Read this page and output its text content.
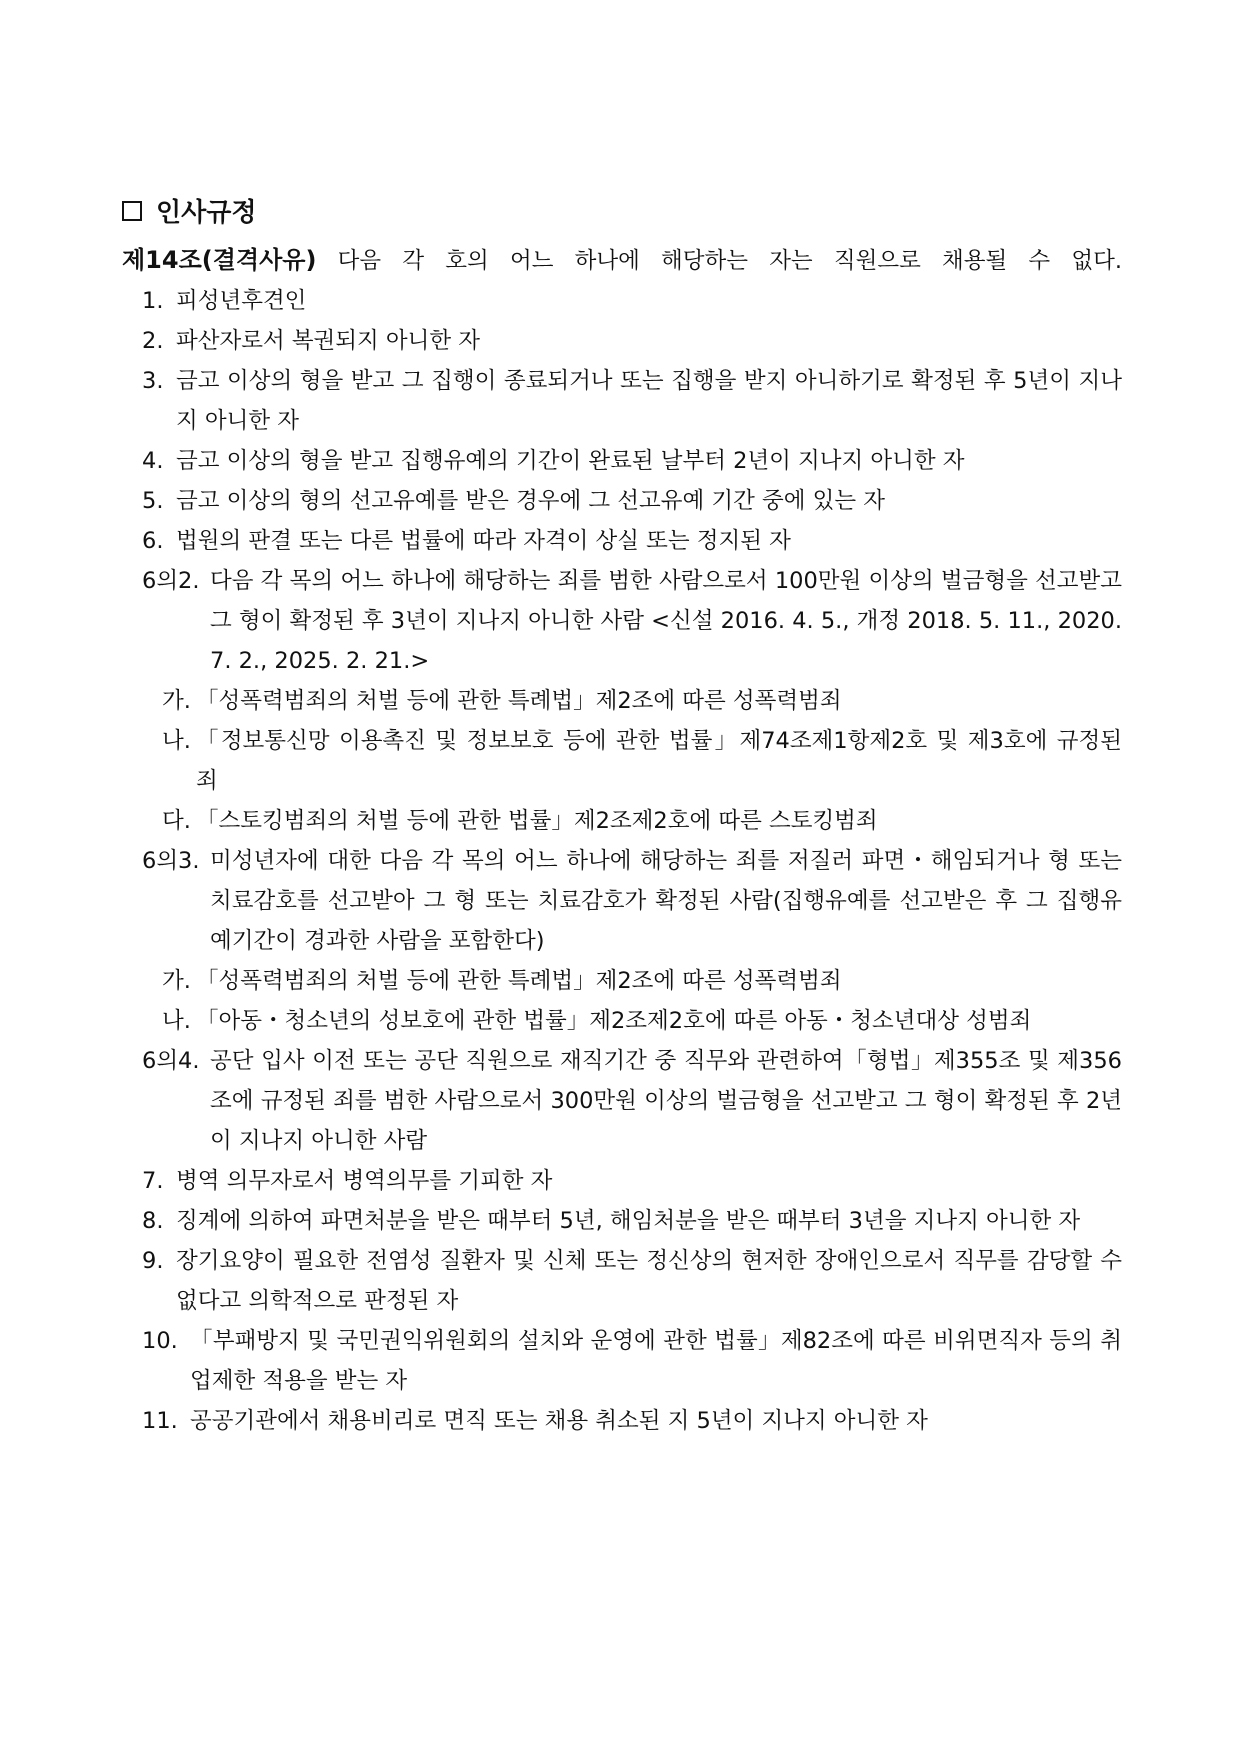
인사규정
제14조(결격사유) 다음 각 호의 어느 하나에 해당하는 자는 직원으로 채용될 수 없다.
1. 피성년후견인
2. 파산자로서 복권되지 아니한 자
3. 금고 이상의 형을 받고 그 집행이 종료되거나 또는 집행을 받지 아니하기로 확정된 후 5년이 지나지 아니한 자
4. 금고 이상의 형을 받고 집행유예의 기간이 완료된 날부터 2년이 지나지 아니한 자
5. 금고 이상의 형의 선고유예를 받은 경우에 그 선고유예 기간 중에 있는 자
6. 법원의 판결 또는 다른 법률에 따라 자격이 상실 또는 정지된 자
6의2. 다음 각 목의 어느 하나에 해당하는 죄를 범한 사람으로서 100만원 이상의 벌금형을 선고받고 그 형이 확정된 후 3년이 지나지 아니한 사람 <신설 2016. 4. 5., 개정 2018. 5. 11., 2020. 7. 2., 2025. 2. 21.>
가. 「성폭력범죄의 처벌 등에 관한 특례법」제2조에 따른 성폭력범죄
나. 「정보통신망 이용촉진 및 정보보호 등에 관한 법률」제74조제1항제2호 및 제3호에 규정된 죄
다. 「스토킹범죄의 처벌 등에 관한 법률」제2조제2호에 따른 스토킹범죄
6의3. 미성년자에 대한 다음 각 목의 어느 하나에 해당하는 죄를 저질러 파면・해임되거나 형 또는 치료감호를 선고받아 그 형 또는 치료감호가 확정된 사람(집행유예를 선고받은 후 그 집행유예기간이 경과한 사람을 포함한다)
가. 「성폭력범죄의 처벌 등에 관한 특례법」제2조에 따른 성폭력범죄
나. 「아동・청소년의 성보호에 관한 법률」제2조제2호에 따른 아동・청소년대상 성범죄
6의4. 공단 입사 이전 또는 공단 직원으로 재직기간 중 직무와 관련하여「형법」제355조 및 제356조에 규정된 죄를 범한 사람으로서 300만원 이상의 벌금형을 선고받고 그 형이 확정된 후 2년이 지나지 아니한 사람
7. 병역 의무자로서 병역의무를 기피한 자
8. 징계에 의하여 파면처분을 받은 때부터 5년, 해임처분을 받은 때부터 3년을 지나지 아니한 자
9. 장기요양이 필요한 전염성 질환자 및 신체 또는 정신상의 현저한 장애인으로서 직무를 감당할 수 없다고 의학적으로 판정된 자
10. 「부패방지 및 국민권익위원회의 설치와 운영에 관한 법률」제82조에 따른 비위면직자 등의 취업제한 적용을 받는 자
11. 공공기관에서 채용비리로 면직 또는 채용 취소된 지 5년이 지나지 아니한 자
